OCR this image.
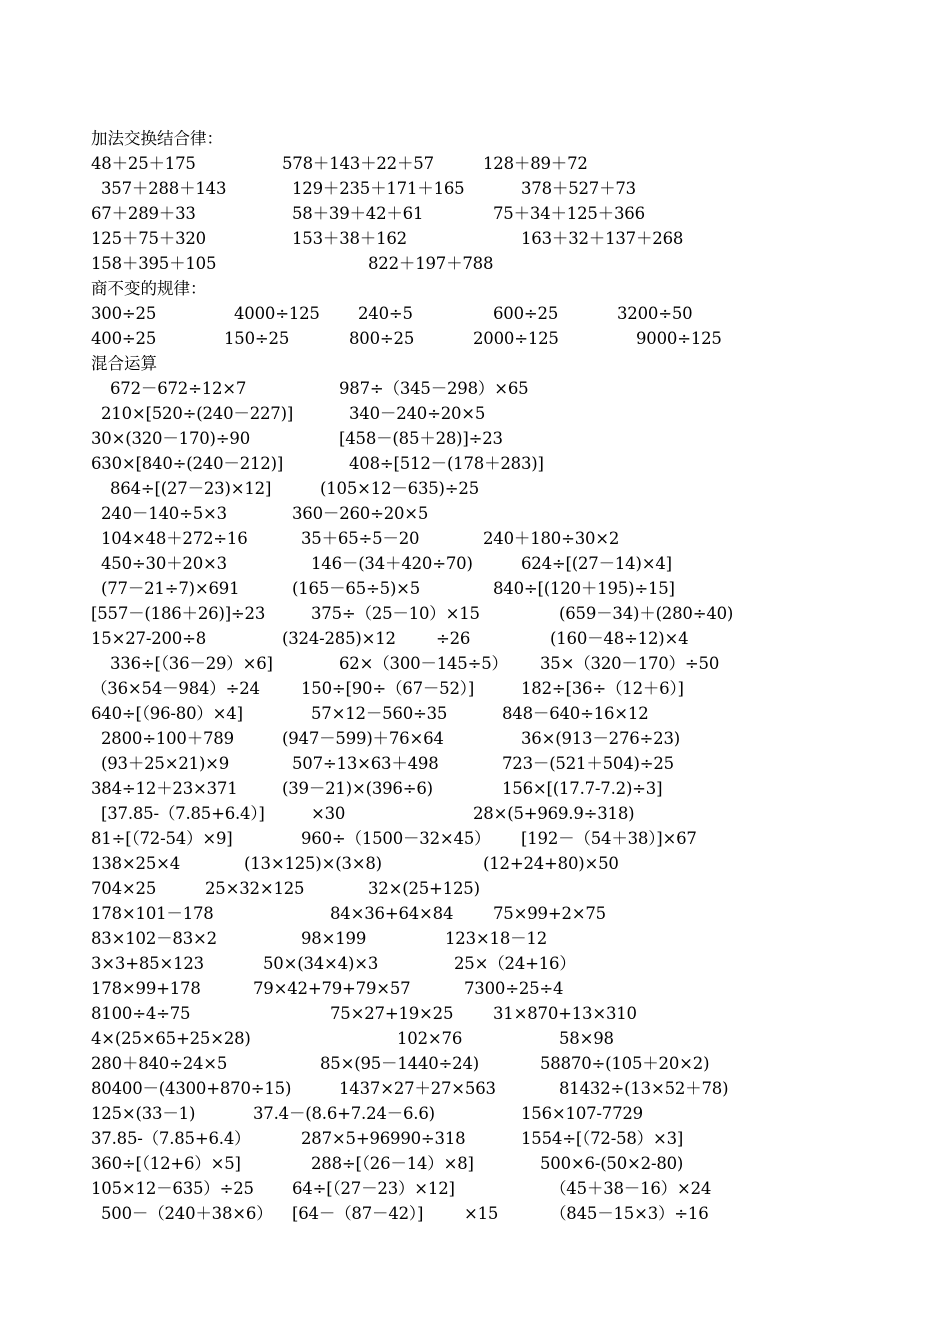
加法交换结合律：
48＋25＋175	578＋143＋22＋57	128＋89＋72
357＋288＋143	129＋235＋171＋165	378＋527＋73
67＋289＋33	58＋39＋42＋61	75＋34＋125＋366
125＋75＋320	153＋38＋162	163＋32＋137＋268
158＋395＋105	822＋197＋788
商不变的规律：
300÷25	4000÷125 240÷5	600÷25	3200÷50
400÷25	150÷25	800÷25	2000÷125	9000÷125
混合运算
672－672÷12×7	987÷（345－298）×65
210×[520÷(240－227)]	340－240÷20×5
30×(320－170)÷90	[458－(85＋28)]÷23
630×[840÷(240－212)]	408÷[512－(178＋283)]
864÷[(27－23)×12]	(105×12－635)÷25
240－140÷5×3	360－260÷20×5
104×48＋272÷16	35＋65÷5－20	240＋180÷30×2
450÷30＋20×3	146－(34＋420÷70)	624÷[(27－14)×4]
(77－21÷7)×691	(165－65÷5)×5	840÷[(120＋195)÷15]
[557－(186＋26)]÷23	375÷（25－10）×15	(659－34)＋(280÷40)
15×27-200÷8	(324-285)×12 ÷26	(160－48÷12)×4
336÷[（36－29）×6]	62×（300－145÷5） 35×（320－170）÷50
（36×54－984）÷24 150÷[90÷（67－52）]	182÷[36÷（12＋6）]
640÷[（96-80）×4]	57×12－560÷35	848－640÷16×12
2800÷100＋789	(947－599)＋76×64	36×(913－276÷23)
(93＋25×21)×9	507÷13×63＋498	723－(521＋504)÷25
384÷12＋23×371	(39－21)×(396÷6)	156×[(17.7-7.2)÷3]
[37.85-（7.85+6.4）]	×30	28×(5+969.9÷318)
81÷[（72-54）×9]	960÷（1500－32×45） [192－（54＋38）]×67
138×25×4	(13×125)×(3×8)	(12+24+80)×50
704×25	25×32×125	32×(25+125)
178×101－178	84×36+64×84 75×99+2×75
83×102－83×2	98×199	123×18－12
3×3+85×123	50×(34×4)×3	25×（24+16）
178×99+178	79×42+79+79×57	7300÷25÷4
8100÷4÷75	75×27+19×25 31×870+13×310
4×(25×65+25×28)	102×76	58×98
280＋840÷24×5	85×(95－1440÷24)	58870÷(105＋20×2)
80400－(4300+870÷15)	1437×27＋27×563	81432÷(13×52＋78)
125×(33－1)	37.4－(8.6+7.24－6.6)	156×107-7729
37.85-（7.85+6.4）	287×5+96990÷318	1554÷[（72-58）×3]
360÷[（12+6）×5]	288÷[（26－14）×8]	500×6-(50×2-80)
105×12－635）÷25 64÷[（27－23）×12]	（45＋38－16）×24
500－（240＋38×6） [64－（87－42）] ×15	（845－15×3）÷16
